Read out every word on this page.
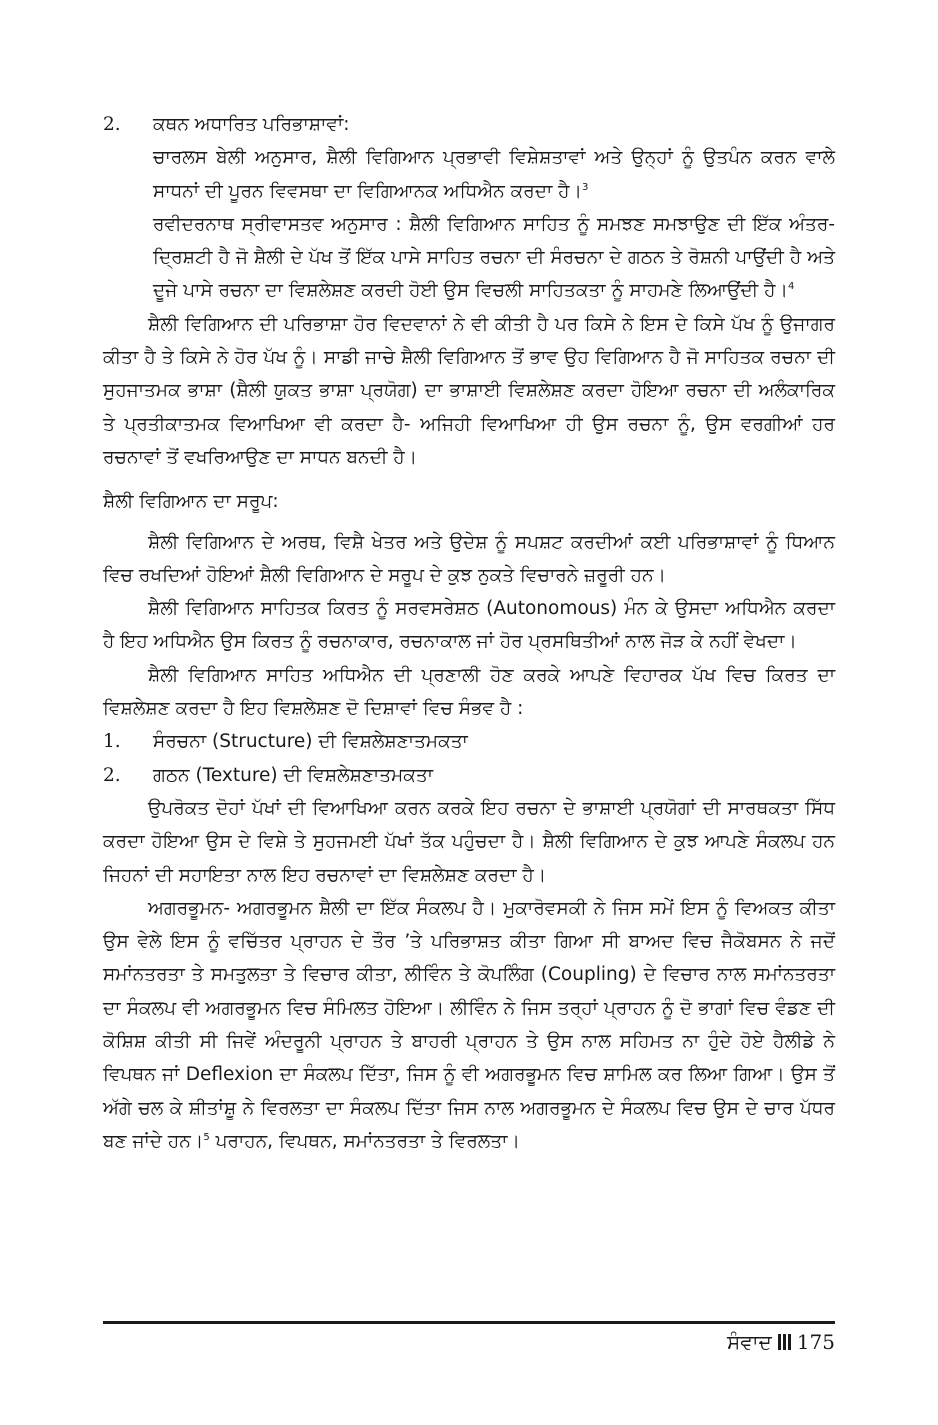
2.	ਕਥਨ ਅਧਾਰਿਤ ਪਰਿਭਾਸ਼ਾਵਾਂ:

ਚਾਰਲਸ ਬੇਲੀ ਅਨੁਸਾਰ, ਸ਼ੈਲੀ ਵਿਗਿਆਨ ਪ੍ਰਭਾਵੀ ਵਿਸ਼ੇਸ਼ਤਾਵਾਂ ਅਤੇ ਉਨ੍ਹਾਂ ਨੂੰ ਉਤਪੰਨ ਕਰਨ ਵਾਲੇ ਸਾਧਨਾਂ ਦੀ ਪੂਰਨ ਵਿਵਸਥਾ ਦਾ ਵਿਗਿਆਨਕ ਅਧਿਐਨ ਕਰਦਾ ਹੈ।$^3$

ਰਵੀਦਰਨਾਥ ਸ੍ਰੀਵਾਸਤਵ ਅਨੁਸਾਰ : ਸ਼ੈਲੀ ਵਿਗਿਆਨ ਸਾਹਿਤ ਨੂੰ ਸਮਝਣ ਸਮਝਾਉਣ ਦੀ ਇੱਕ ਅੰਤਰ-ਦ੍ਰਿਸ਼ਟੀ ਹੈ ਜੋ ਸ਼ੈਲੀ ਦੇ ਪੱਖ ਤੋਂ ਇੱਕ ਪਾਸੇ ਸਾਹਿਤ ਰਚਨਾ ਦੀ ਸੰਰਚਨਾ ਦੇ ਗਠਨ ਤੇ ਰੋਸ਼ਨੀ ਪਾਉਂਦੀ ਹੈ ਅਤੇ ਦੂਜੇ ਪਾਸੇ ਰਚਨਾ ਦਾ ਵਿਸ਼ਲੇਸ਼ਣ ਕਰਦੀ ਹੋਈ ਉਸ ਵਿਚਲੀ ਸਾਹਿਤਕਤਾ ਨੂੰ ਸਾਹਮਣੇ ਲਿਆਉਂਦੀ ਹੈ।$^4$

ਸ਼ੈਲੀ ਵਿਗਿਆਨ ਦੀ ਪਰਿਭਾਸ਼ਾ ਹੋਰ ਵਿਦਵਾਨਾਂ ਨੇ ਵੀ ਕੀਤੀ ਹੈ ਪਰ ਕਿਸੇ ਨੇ ਇਸ ਦੇ ਕਿਸੇ ਪੱਖ ਨੂੰ ਉਜਾਗਰ ਕੀਤਾ ਹੈ ਤੇ ਕਿਸੇ ਨੇ ਹੋਰ ਪੱਖ ਨੂੰ। ਸਾਡੀ ਜਾਚੇ ਸ਼ੈਲੀ ਵਿਗਿਆਨ ਤੋਂ ਭਾਵ ਉਹ ਵਿਗਿਆਨ ਹੈ ਜੋ ਸਾਹਿਤਕ ਰਚਨਾ ਦੀ ਸੁਹਜਾਤਮਕ ਭਾਸ਼ਾ (ਸ਼ੈਲੀ ਯੁਕਤ ਭਾਸ਼ਾ ਪ੍ਰਯੋਗ) ਦਾ ਭਾਸ਼ਾਈ ਵਿਸ਼ਲੇਸ਼ਣ ਕਰਦਾ ਹੋਇਆ ਰਚਨਾ ਦੀ ਅਲੰਕਾਰਿਕ ਤੇ ਪ੍ਰਤੀਕਾਤਮਕ ਵਿਆਖਿਆ ਵੀ ਕਰਦਾ ਹੈ- ਅਜਿਹੀ ਵਿਆਖਿਆ ਹੀ ਉਸ ਰਚਨਾ ਨੂੰ, ਉਸ ਵਰਗੀਆਂ ਹਰ ਰਚਨਾਵਾਂ ਤੋਂ ਵਖਰਿਆਉਣ ਦਾ ਸਾਧਨ ਬਨਦੀ ਹੈ।

ਸ਼ੈਲੀ ਵਿਗਿਆਨ ਦਾ ਸਰੂਪ:

ਸ਼ੈਲੀ ਵਿਗਿਆਨ ਦੇ ਅਰਥ, ਵਿਸ਼ੈ ਖੇਤਰ ਅਤੇ ਉਦੇਸ਼ ਨੂੰ ਸਪਸ਼ਟ ਕਰਦੀਆਂ ਕਈ ਪਰਿਭਾਸ਼ਾਵਾਂ ਨੂੰ ਧਿਆਨ ਵਿਚ ਰਖਦਿਆਂ ਹੋਇਆਂ ਸ਼ੈਲੀ ਵਿਗਿਆਨ ਦੇ ਸਰੂਪ ਦੇ ਕੁਝ ਨੁਕਤੇ ਵਿਚਾਰਨੇ ਜ਼ਰੂਰੀ ਹਨ।

ਸ਼ੈਲੀ ਵਿਗਿਆਨ ਸਾਹਿਤਕ ਕਿਰਤ ਨੂੰ ਸਰਵਸਰੇਸ਼ਠ (Autonomous) ਮੰਨ ਕੇ ਉਸਦਾ ਅਧਿਐਨ ਕਰਦਾ ਹੈ ਇਹ ਅਧਿਐਨ ਉਸ ਕਿਰਤ ਨੂੰ ਰਚਨਾਕਾਰ, ਰਚਨਾਕਾਲ ਜਾਂ ਹੋਰ ਪ੍ਰਸਥਿਤੀਆਂ ਨਾਲ ਜੋੜ ਕੇ ਨਹੀਂ ਵੇਖਦਾ।

ਸ਼ੈਲੀ ਵਿਗਿਆਨ ਸਾਹਿਤ ਅਧਿਐਨ ਦੀ ਪ੍ਰਣਾਲੀ ਹੋਣ ਕਰਕੇ ਆਪਣੇ ਵਿਹਾਰਕ ਪੱਖ ਵਿਚ ਕਿਰਤ ਦਾ ਵਿਸ਼ਲੇਸ਼ਣ ਕਰਦਾ ਹੈ ਇਹ ਵਿਸ਼ਲੇਸ਼ਣ ਦੋ ਦਿਸ਼ਾਵਾਂ ਵਿਚ ਸੰਭਵ ਹੈ :

1.	ਸੰਰਚਨਾ (Structure) ਦੀ ਵਿਸ਼ਲੇਸ਼ਣਾਤਮਕਤਾ

2.	ਗਠਨ (Texture) ਦੀ ਵਿਸ਼ਲੇਸ਼ਣਾਤਮਕਤਾ

ਉਪਰੋਕਤ ਦੋਹਾਂ ਪੱਖਾਂ ਦੀ ਵਿਆਖਿਆ ਕਰਨ ਕਰਕੇ ਇਹ ਰਚਨਾ ਦੇ ਭਾਸ਼ਾਈ ਪ੍ਰਯੋਗਾਂ ਦੀ ਸਾਰਥਕਤਾ ਸਿੱਧ ਕਰਦਾ ਹੋਇਆ ਉਸ ਦੇ ਵਿਸ਼ੇ ਤੇ ਸੁਹਜਮਈ ਪੱਖਾਂ ਤੱਕ ਪਹੁੰਚਦਾ ਹੈ। ਸ਼ੈਲੀ ਵਿਗਿਆਨ ਦੇ ਕੁਝ ਆਪਣੇ ਸੰਕਲਪ ਹਨ ਜਿਹਨਾਂ ਦੀ ਸਹਾਇਤਾ ਨਾਲ ਇਹ ਰਚਨਾਵਾਂ ਦਾ ਵਿਸ਼ਲੇਸ਼ਣ ਕਰਦਾ ਹੈ।

ਅਗਰਭੂਮਨ- ਅਗਰਭੂਮਨ ਸ਼ੈਲੀ ਦਾ ਇੱਕ ਸੰਕਲਪ ਹੈ। ਮੁਕਾਰੋਵਸਕੀ ਨੇ ਜਿਸ ਸਮੇਂ ਇਸ ਨੂੰ ਵਿਅਕਤ ਕੀਤਾ ਉਸ ਵੇਲੇ ਇਸ ਨੂੰ ਵਚਿੱਤਰ ਪ੍ਰਾਹਨ ਦੇ ਤੌਰ ’ਤੇ ਪਰਿਭਾਸ਼ਤ ਕੀਤਾ ਗਿਆ ਸੀ ਬਾਅਦ ਵਿਚ ਜੈਕੋਬਸਨ ਨੇ ਜਦੋਂ ਸਮਾਂਨਤਰਤਾ ਤੇ ਸਮਤੁਲਤਾ ਤੇ ਵਿਚਾਰ ਕੀਤਾ, ਲੀਵਿੰਨ ਤੇ ਕੋਪਲਿੰਗ (Coupling) ਦੇ ਵਿਚਾਰ ਨਾਲ ਸਮਾਂਨਤਰਤਾ ਦਾ ਸੰਕਲਪ ਵੀ ਅਗਰਭੂਮਨ ਵਿਚ ਸੰਮਿਲਤ ਹੋਇਆ। ਲੀਵਿੰਨ ਨੇ ਜਿਸ ਤਰ੍ਹਾਂ ਪ੍ਰਾਹਨ ਨੂੰ ਦੋ ਭਾਗਾਂ ਵਿਚ ਵੰਡਣ ਦੀ ਕੋਸ਼ਿਸ਼ ਕੀਤੀ ਸੀ ਜਿਵੇਂ ਅੰਦਰੂਨੀ ਪ੍ਰਾਹਨ ਤੇ ਬਾਹਰੀ ਪ੍ਰਾਹਨ ਤੇ ਉਸ ਨਾਲ ਸਹਿਮਤ ਨਾ ਹੁੰਦੇ ਹੋਏ ਹੈਲੀਡੇ ਨੇ ਵਿਪਥਨ ਜਾਂ Deflexion ਦਾ ਸੰਕਲਪ ਦਿੱਤਾ, ਜਿਸ ਨੂੰ ਵੀ ਅਗਰਭੂਮਨ ਵਿਚ ਸ਼ਾਮਿਲ ਕਰ ਲਿਆ ਗਿਆ। ਉਸ ਤੋਂ ਅੱਗੇ ਚਲ ਕੇ ਸ਼ੀਤਾਂਸ਼ੂ ਨੇ ਵਿਰਲਤਾ ਦਾ ਸੰਕਲਪ ਦਿੱਤਾ ਜਿਸ ਨਾਲ ਅਗਰਭੂਮਨ ਦੇ ਸੰਕਲਪ ਵਿਚ ਉਸ ਦੇ ਚਾਰ ਪੱਧਰ ਬਣ ਜਾਂਦੇ ਹਨ।$^5$ ਪਰਾਹਨ, ਵਿਪਥਨ, ਸਮਾਂਨਤਰਤਾ ਤੇ ਵਿਰਲਤਾ।

ਸੰਵਾਦ 175
